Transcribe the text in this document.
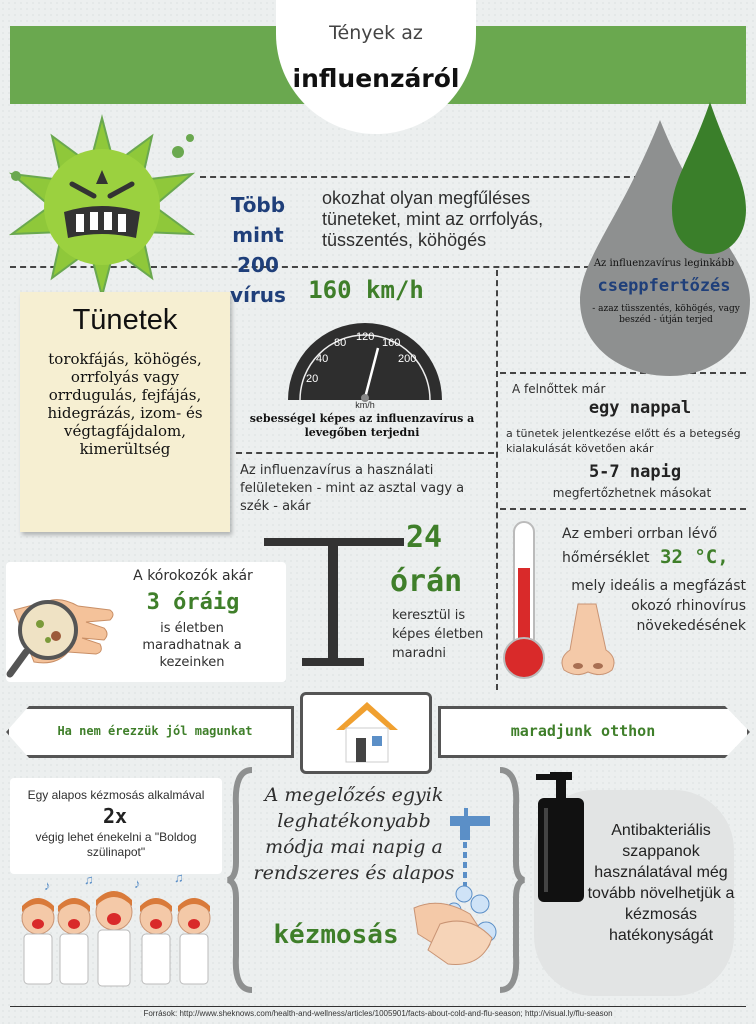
Tények az
influenzáról
Több mint
200 vírus
okozhat olyan megfűléses tüneteket, mint az orrfolyás, tüsszentés, köhögés
Az influenzavírus leginkább
cseppfertőzés
- azaz tüsszentés, köhögés, vagy beszéd - útján terjed
Tünetek
torokfájás, köhögés, orrfolyás vagy orrdugulás, fejfájás, hidegrázás, izom- és végtagfájdalom, kimerültség
160 km/h
20
40
80 120 160
200
km/h
sebességel képes az influenzavírus a levegőben terjedni
A felnőttek már
egy nappal
a tünetek jelentkezése előtt és a betegség kialakulását követően akár
5-7 napig
megfertőzhetnek másokat
Az influenzavírus a használati felületeken - mint az asztal vagy a szék - akár
24
órán
keresztül is képes életben maradni
A kórokozók akár
3 óráig
is életben maradhatnak a kezeinken
Az emberi orrban lévő
hőmérséklet 32 °C,
mely ideális a megfázást okozó rhinovírus növekedésének
Ha nem érezzük jól magunkat	maradjunk otthon
Egy alapos kézmosás alkalmával
2x
végig lehet énekelni a "Boldog szülinapot"
♪	♫	♪	♫
A megelőzés egyik leghatékonyabb módja mai napig a rendszeres és alapos
kézmosás
Antibakteriális szappanok használatával még tovább növelhetjük a kézmosás hatékonyságát
Források: http://www.sheknows.com/health-and-wellness/articles/1005901/facts-about-cold-and-flu-season; http://visual.ly/flu-season
